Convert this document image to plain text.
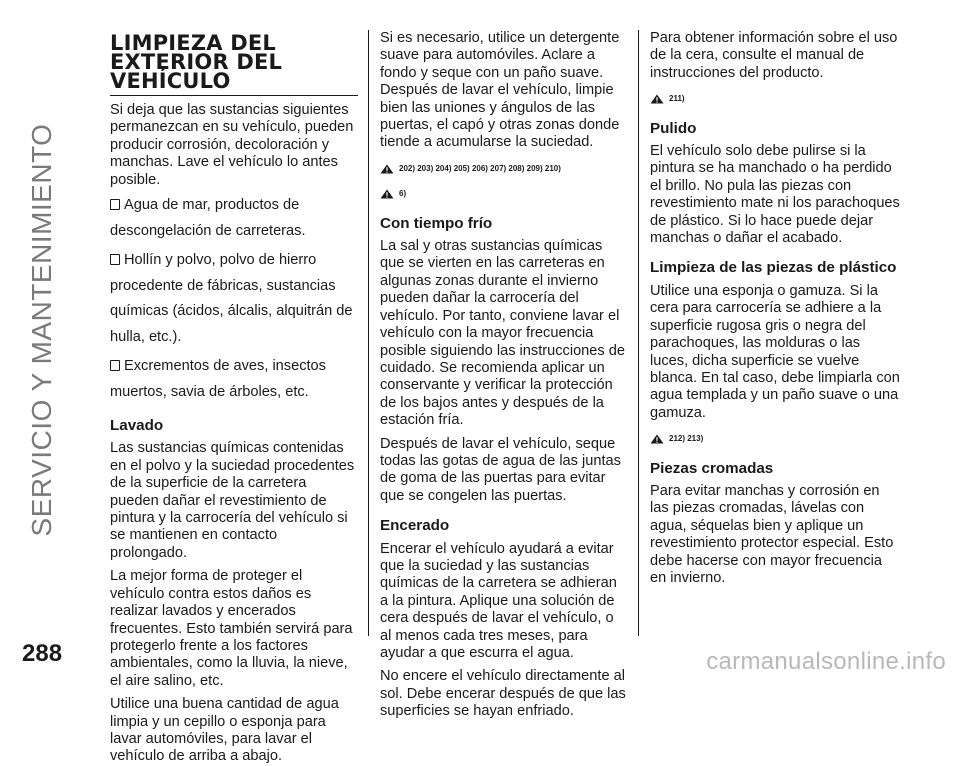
SERVICIO Y MANTENIMIENTO
LIMPIEZA DEL EXTERIOR DEL VEHÍCULO

Si deja que las sustancias siguientes permanezcan en su vehículo, pueden producir corrosión, decoloración y manchas. Lave el vehículo lo antes posible.

Agua de mar, productos de descongelación de carreteras.
Hollín y polvo, polvo de hierro procedente de fábricas, sustancias químicas (ácidos, álcalis, alquitrán de hulla, etc.).
Excrementos de aves, insectos muertos, savia de árboles, etc.
Lavado

Las sustancias químicas contenidas en el polvo y la suciedad procedentes de la superficie de la carretera pueden dañar el revestimiento de pintura y la carrocería del vehículo si se mantienen en contacto prolongado.

La mejor forma de proteger el vehículo contra estos daños es realizar lavados y encerados frecuentes. Esto también servirá para protegerlo frente a los factores ambientales, como la lluvia, la nieve, el aire salino, etc.

Utilice una buena cantidad de agua limpia y un cepillo o esponja para lavar automóviles, para lavar el vehículo de arriba a abajo.

Si es necesario, utilice un detergente suave para automóviles. Aclare a fondo y seque con un paño suave. Después de lavar el vehículo, limpie bien las uniones y ángulos de las puertas, el capó y otras zonas donde tiende a acumularse la suciedad.

202) 203) 204) 205) 206) 207) 208) 209) 210)
6)
Con tiempo frío

La sal y otras sustancias químicas que se vierten en las carreteras en algunas zonas durante el invierno pueden dañar la carrocería del vehículo. Por tanto, conviene lavar el vehículo con la mayor frecuencia posible siguiendo las instrucciones de cuidado. Se recomienda aplicar un conservante y verificar la protección de los bajos antes y después de la estación fría.

Después de lavar el vehículo, seque todas las gotas de agua de las juntas de goma de las puertas para evitar que se congelen las puertas.

Encerado

Encerar el vehículo ayudará a evitar que la suciedad y las sustancias químicas de la carretera se adhieran a la pintura. Aplique una solución de cera después de lavar el vehículo, o al menos cada tres meses, para ayudar a que escurra el agua.

No encere el vehículo directamente al sol. Debe encerar después de que las superficies se hayan enfriado.

Para obtener información sobre el uso de la cera, consulte el manual de instrucciones del producto.

211)
Pulido

El vehículo solo debe pulirse si la pintura se ha manchado o ha perdido el brillo. No pula las piezas con revestimiento mate ni los parachoques de plástico. Si lo hace puede dejar manchas o dañar el acabado.

Limpieza de las piezas de plástico

Utilice una esponja o gamuza. Si la cera para carrocería se adhiere a la superficie rugosa gris o negra del parachoques, las molduras o las luces, dicha superficie se vuelve blanca. En tal caso, debe limpiarla con agua templada y un paño suave o una gamuza.

212) 213)
Piezas cromadas

Para evitar manchas y corrosión en las piezas cromadas, lávelas con agua, séquelas bien y aplique un revestimiento protector especial. Esto debe hacerse con mayor frecuencia en invierno.

288	carmanualsonline.info
